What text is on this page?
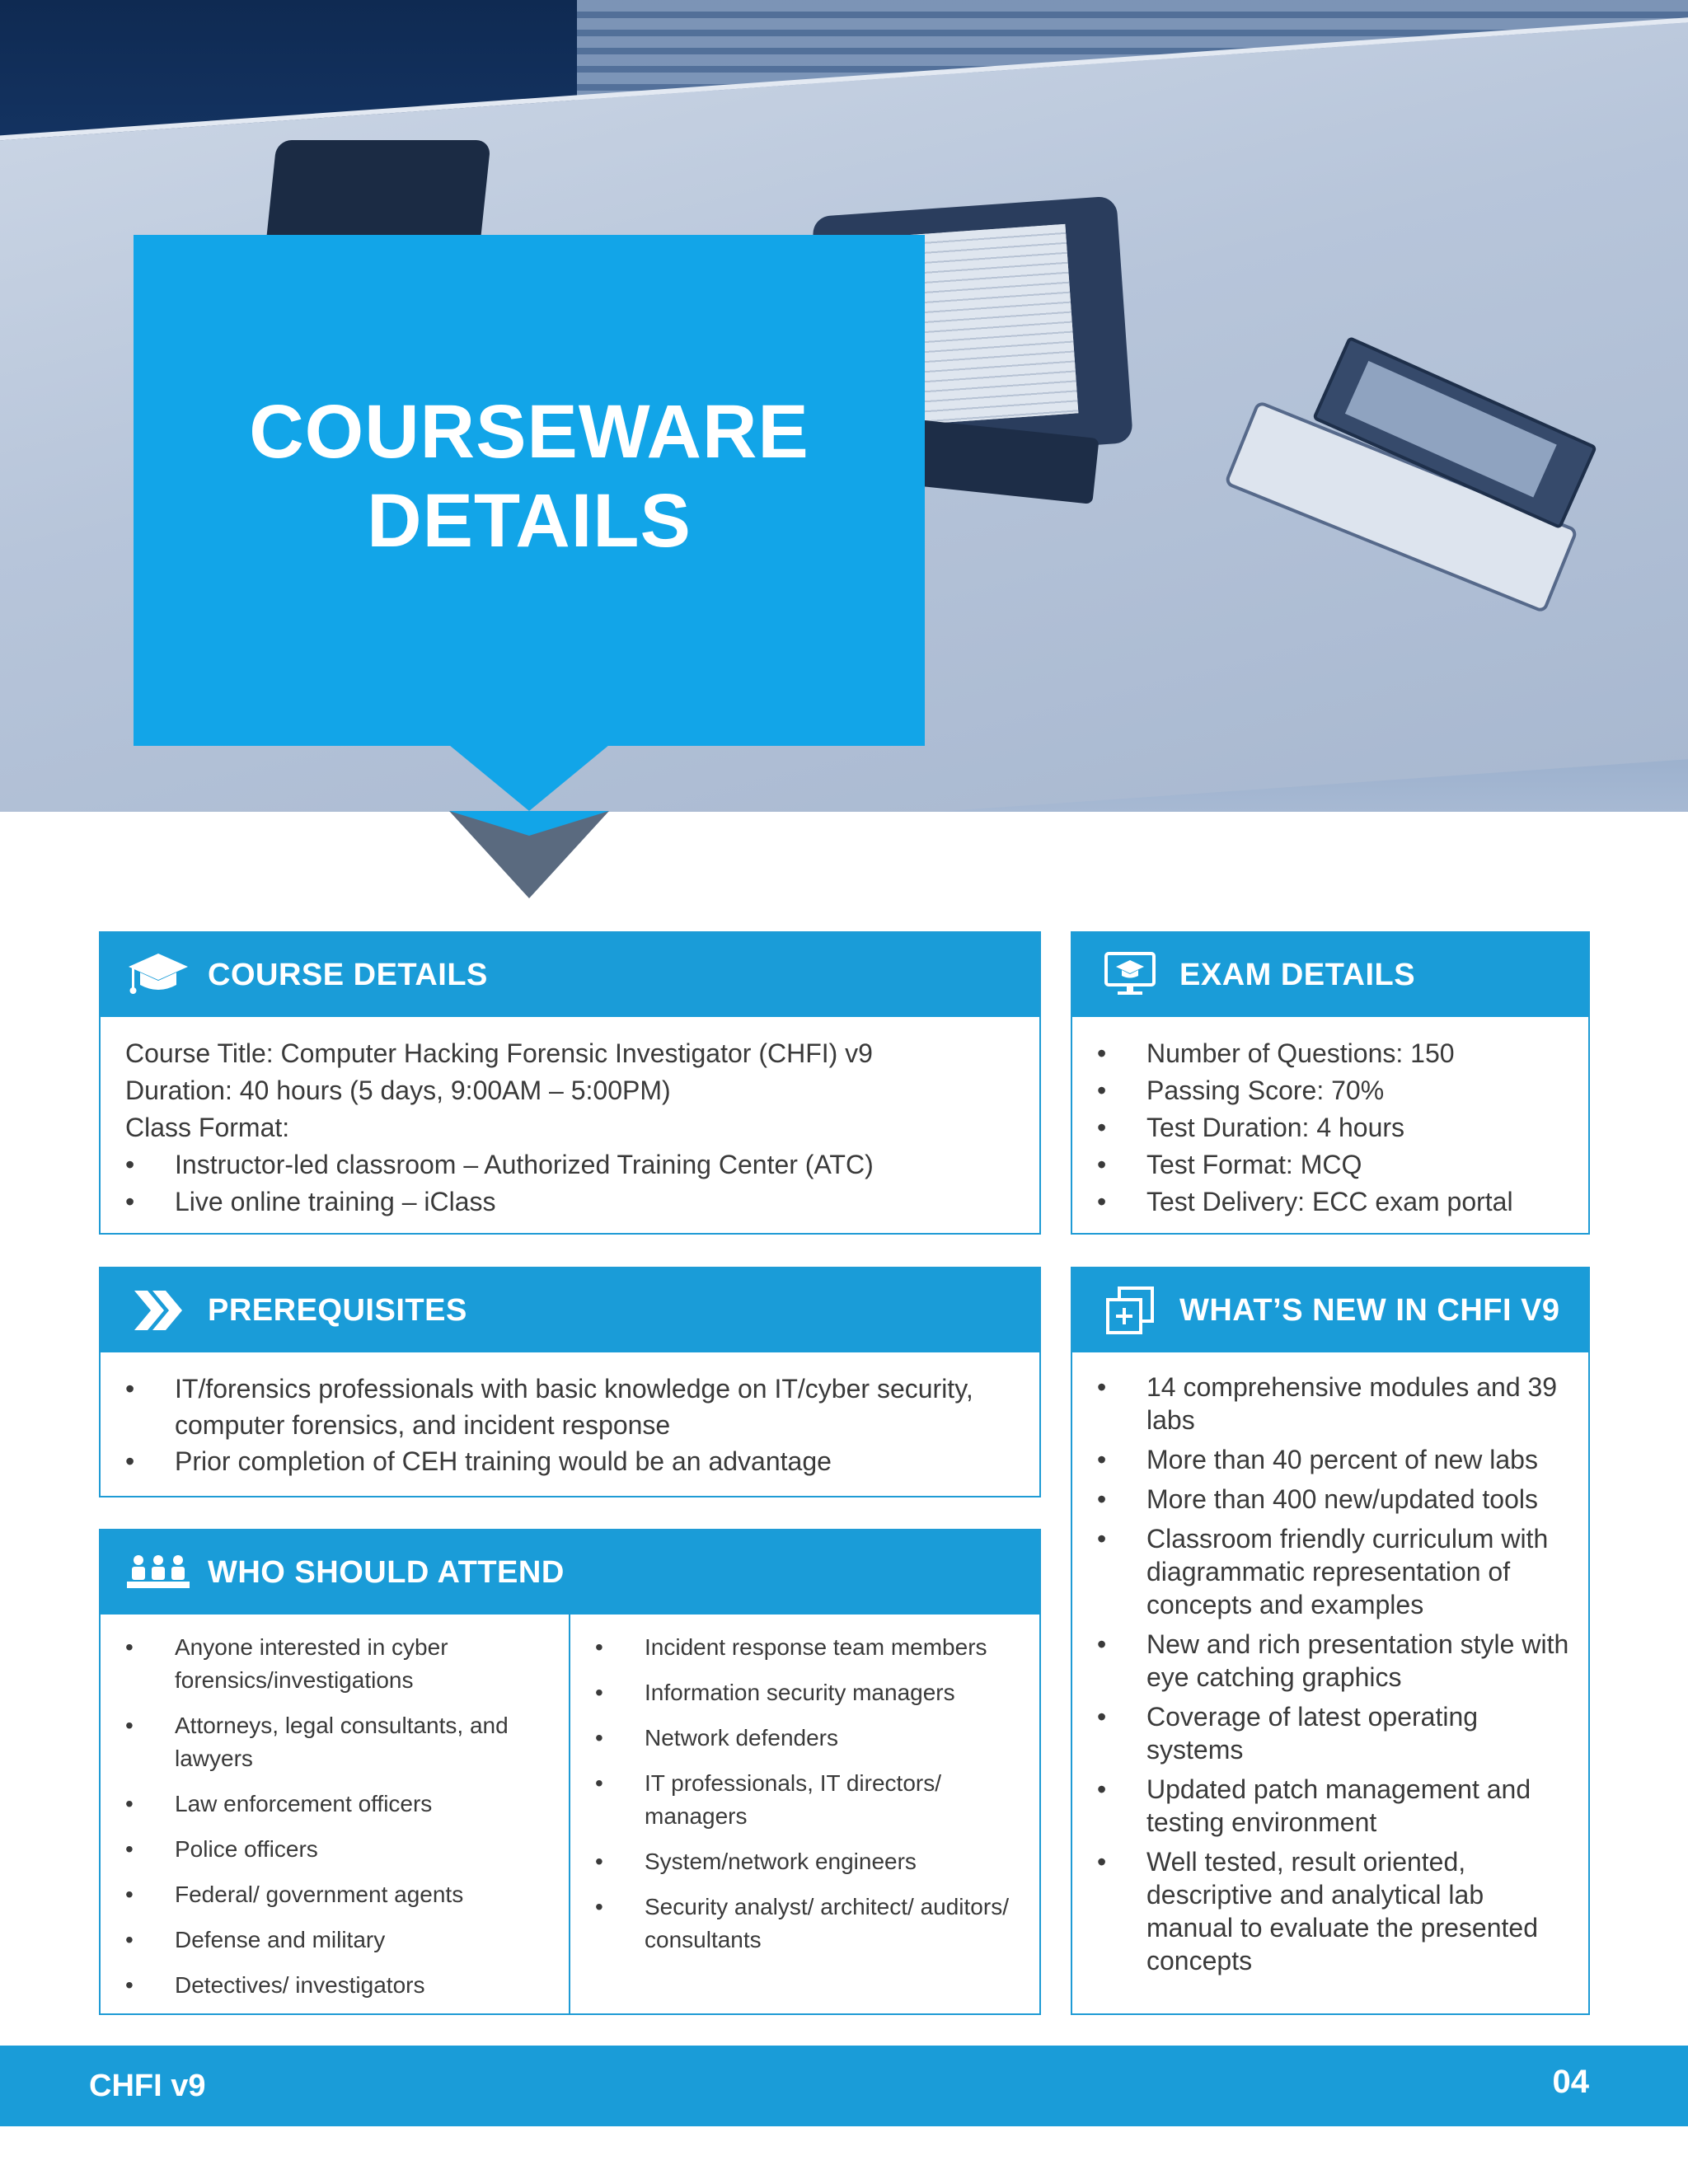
COURSEWARE
DETAILS
COURSE DETAILS
Course Title: Computer Hacking Forensic Investigator (CHFI) v9
Duration: 40 hours (5 days, 9:00AM – 5:00PM)
Class Format:
• Instructor-led classroom – Authorized Training Center (ATC)
• Live online training – iClass
EXAM DETAILS
• Number of Questions: 150
• Passing Score: 70%
• Test Duration: 4 hours
• Test Format: MCQ
• Test Delivery: ECC exam portal
PREREQUISITES
• IT/forensics professionals with basic knowledge on IT/cyber security, computer forensics, and incident response
• Prior completion of CEH training would be an advantage
WHO SHOULD ATTEND
• Anyone interested in cyber forensics/investigations
• Attorneys, legal consultants, and lawyers
• Law enforcement officers
• Police officers
• Federal/ government agents
• Defense and military
• Detectives/ investigators
• Incident response team members
• Information security managers
• Network defenders
• IT professionals, IT directors/ managers
• System/network engineers
• Security analyst/ architect/ auditors/ consultants
WHAT’S NEW IN CHFI V9
• 14 comprehensive modules and 39 labs
• More than 40 percent of new labs
• More than 400 new/updated tools
• Classroom friendly curriculum with diagrammatic representation of concepts and examples
• New and rich presentation style with eye catching graphics
• Coverage of latest operating systems
• Updated patch management and testing environment
• Well tested, result oriented, descriptive and analytical lab manual to evaluate the presented concepts
CHFI v9	04
